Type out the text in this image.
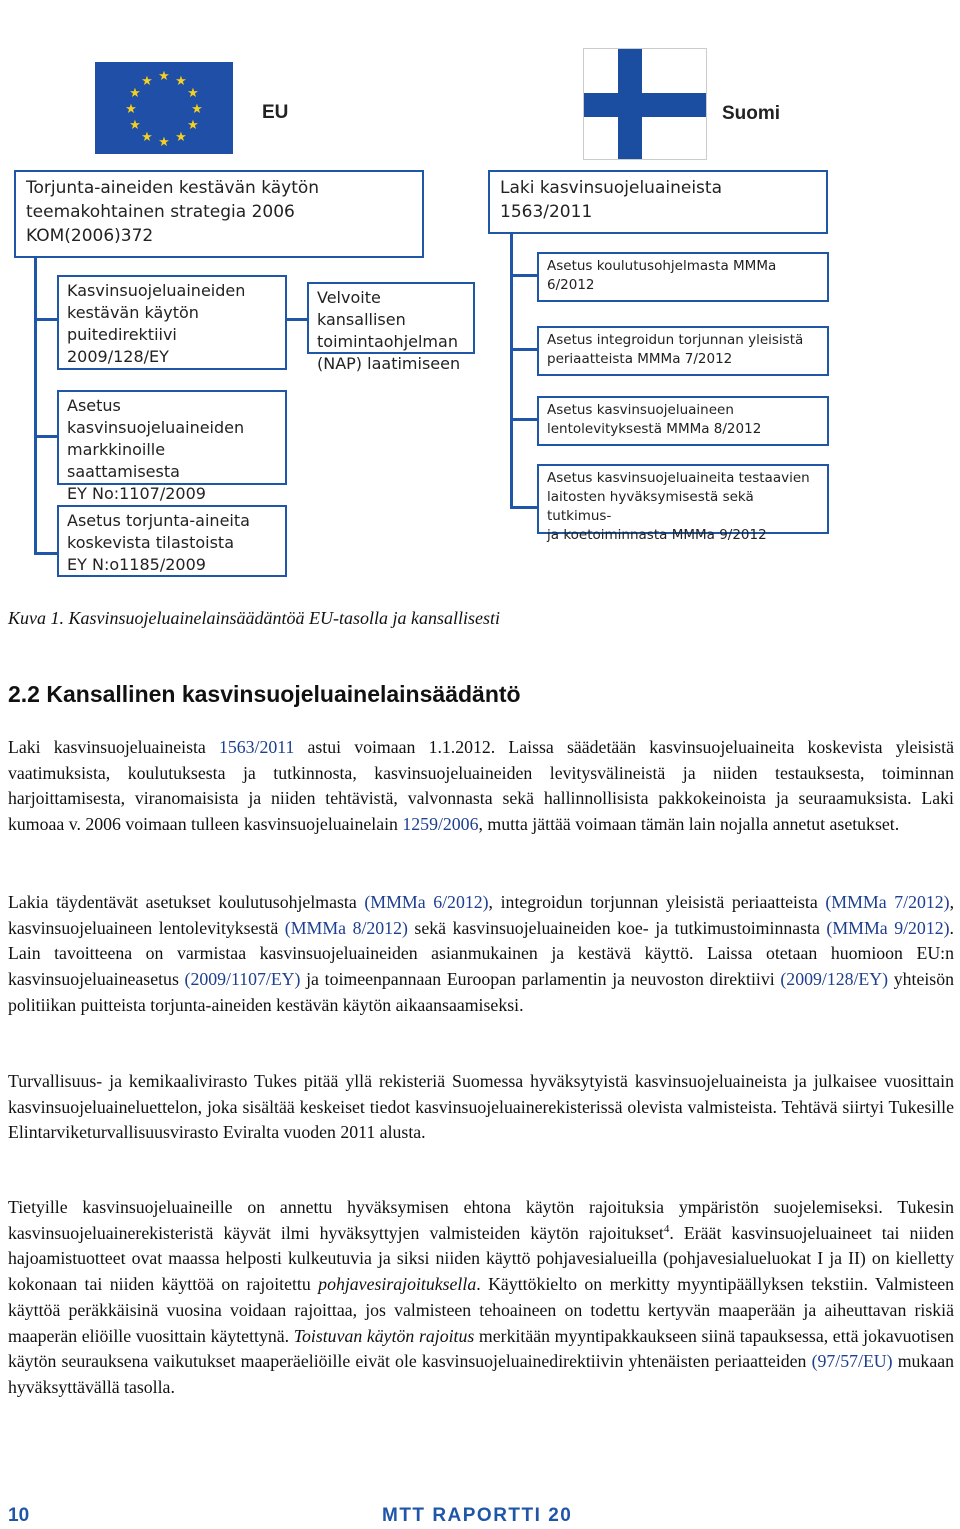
★ ★
★
★
★
★
★
★
★
★
★
★
EU	Suomi
Torjunta-aineiden kestävän käytön
teemakohtainen strategia 2006
KOM(2006)372
Kasvinsuojeluaineiden
kestävän käytön
puitedirektiivi
2009/128/EY
Velvoite kansallisen
toimintaohjelman
(NAP) laatimiseen
Asetus
kasvinsuojeluaineiden
markkinoille saattamisesta
EY No:1107/2009
Asetus torjunta-aineita
koskevista tilastoista
EY N:o1185/2009
Laki kasvinsuojeluaineista
1563/2011
Asetus koulutusohjelmasta MMMa
6/2012
Asetus integroidun torjunnan yleisistä
periaatteista MMMa 7/2012
Asetus kasvinsuojeluaineen
lentolevityksestä MMMa 8/2012
Asetus kasvinsuojeluaineita testaavien
laitosten hyväksymisestä sekä tutkimus-
ja koetoiminnasta MMMa 9/2012
Kuva 1. Kasvinsuojeluainelainsäädäntöä EU-tasolla ja kansallisesti
2.2 Kansallinen kasvinsuojeluainelainsäädäntö

Laki kasvinsuojeluaineista 1563/2011 astui voimaan 1.1.2012. Laissa säädetään kasvinsuojeluaineita koskevista yleisistä vaatimuksista, koulutuksesta ja tutkinnosta, kasvinsuojeluaineiden levitysvälineistä ja niiden testauksesta, toiminnan harjoittamisesta, viranomaisista ja niiden tehtävistä, valvonnasta sekä hallinnollisista pakkokeinoista ja seuraamuksista. Laki kumoaa v. 2006 voimaan tulleen kasvinsuojeluainelain 1259/2006, mutta jättää voimaan tämän lain nojalla annetut asetukset.

Lakia täydentävät asetukset koulutusohjelmasta (MMMa 6/2012), integroidun torjunnan yleisistä periaatteista (MMMa 7/2012), kasvinsuojeluaineen lentolevityksestä (MMMa 8/2012) sekä kasvinsuojeluaineiden koe- ja tutkimustoiminnasta (MMMa 9/2012). Lain tavoitteena on varmistaa kasvinsuojeluaineiden asianmukainen ja kestävä käyttö. Laissa otetaan huomioon EU:n kasvinsuojeluaineasetus (2009/1107/EY) ja toimeenpannaan Euroopan parlamentin ja neuvoston direktiivi (2009/128/EY) yhteisön politiikan puitteista torjunta-aineiden kestävän käytön aikaansaamiseksi.

Turvallisuus- ja kemikaalivirasto Tukes pitää yllä rekisteriä Suomessa hyväksytyistä kasvinsuojeluaineista ja julkaisee vuosittain kasvinsuojeluaineluettelon, joka sisältää keskeiset tiedot kasvinsuojeluainerekisterissä olevista valmisteista. Tehtävä siirtyi Tukesille Elintarviketurvallisuusvirasto Eviralta vuoden 2011 alusta.

Tietyille kasvinsuojeluaineille on annettu hyväksymisen ehtona käytön rajoituksia ympäristön suojelemiseksi. Tukesin kasvinsuojeluainerekisteristä käyvät ilmi hyväksyttyjen valmisteiden käytön rajoitukset$^4$. Eräät kasvinsuojeluaineet tai niiden hajoamistuotteet ovat maassa helposti kulkeutuvia ja siksi niiden käyttö pohjavesialueilla (pohjavesialueluokat I ja II) on kielletty kokonaan tai niiden käyttöä on rajoitettu pohjavesirajoituksella. Käyttökielto on merkitty myyntipäällyksen tekstiin. Valmisteen käyttöä peräkkäisinä vuosina voidaan rajoittaa, jos valmisteen tehoaineen on todettu kertyvän maaperään ja aiheuttavan riskiä maaperän eliöille vuosittain käytettynä. Toistuvan käytön rajoitus merkitään myyntipakkaukseen siinä tapauksessa, että jokavuotisen käytön seurauksena vaikutukset maaperäeliöille eivät ole kasvinsuojeluainedirektiivin yhtenäisten periaatteiden (97/57/EU) mukaan hyväksyttävällä tasolla.

10	MTT RAPORTTI 20
